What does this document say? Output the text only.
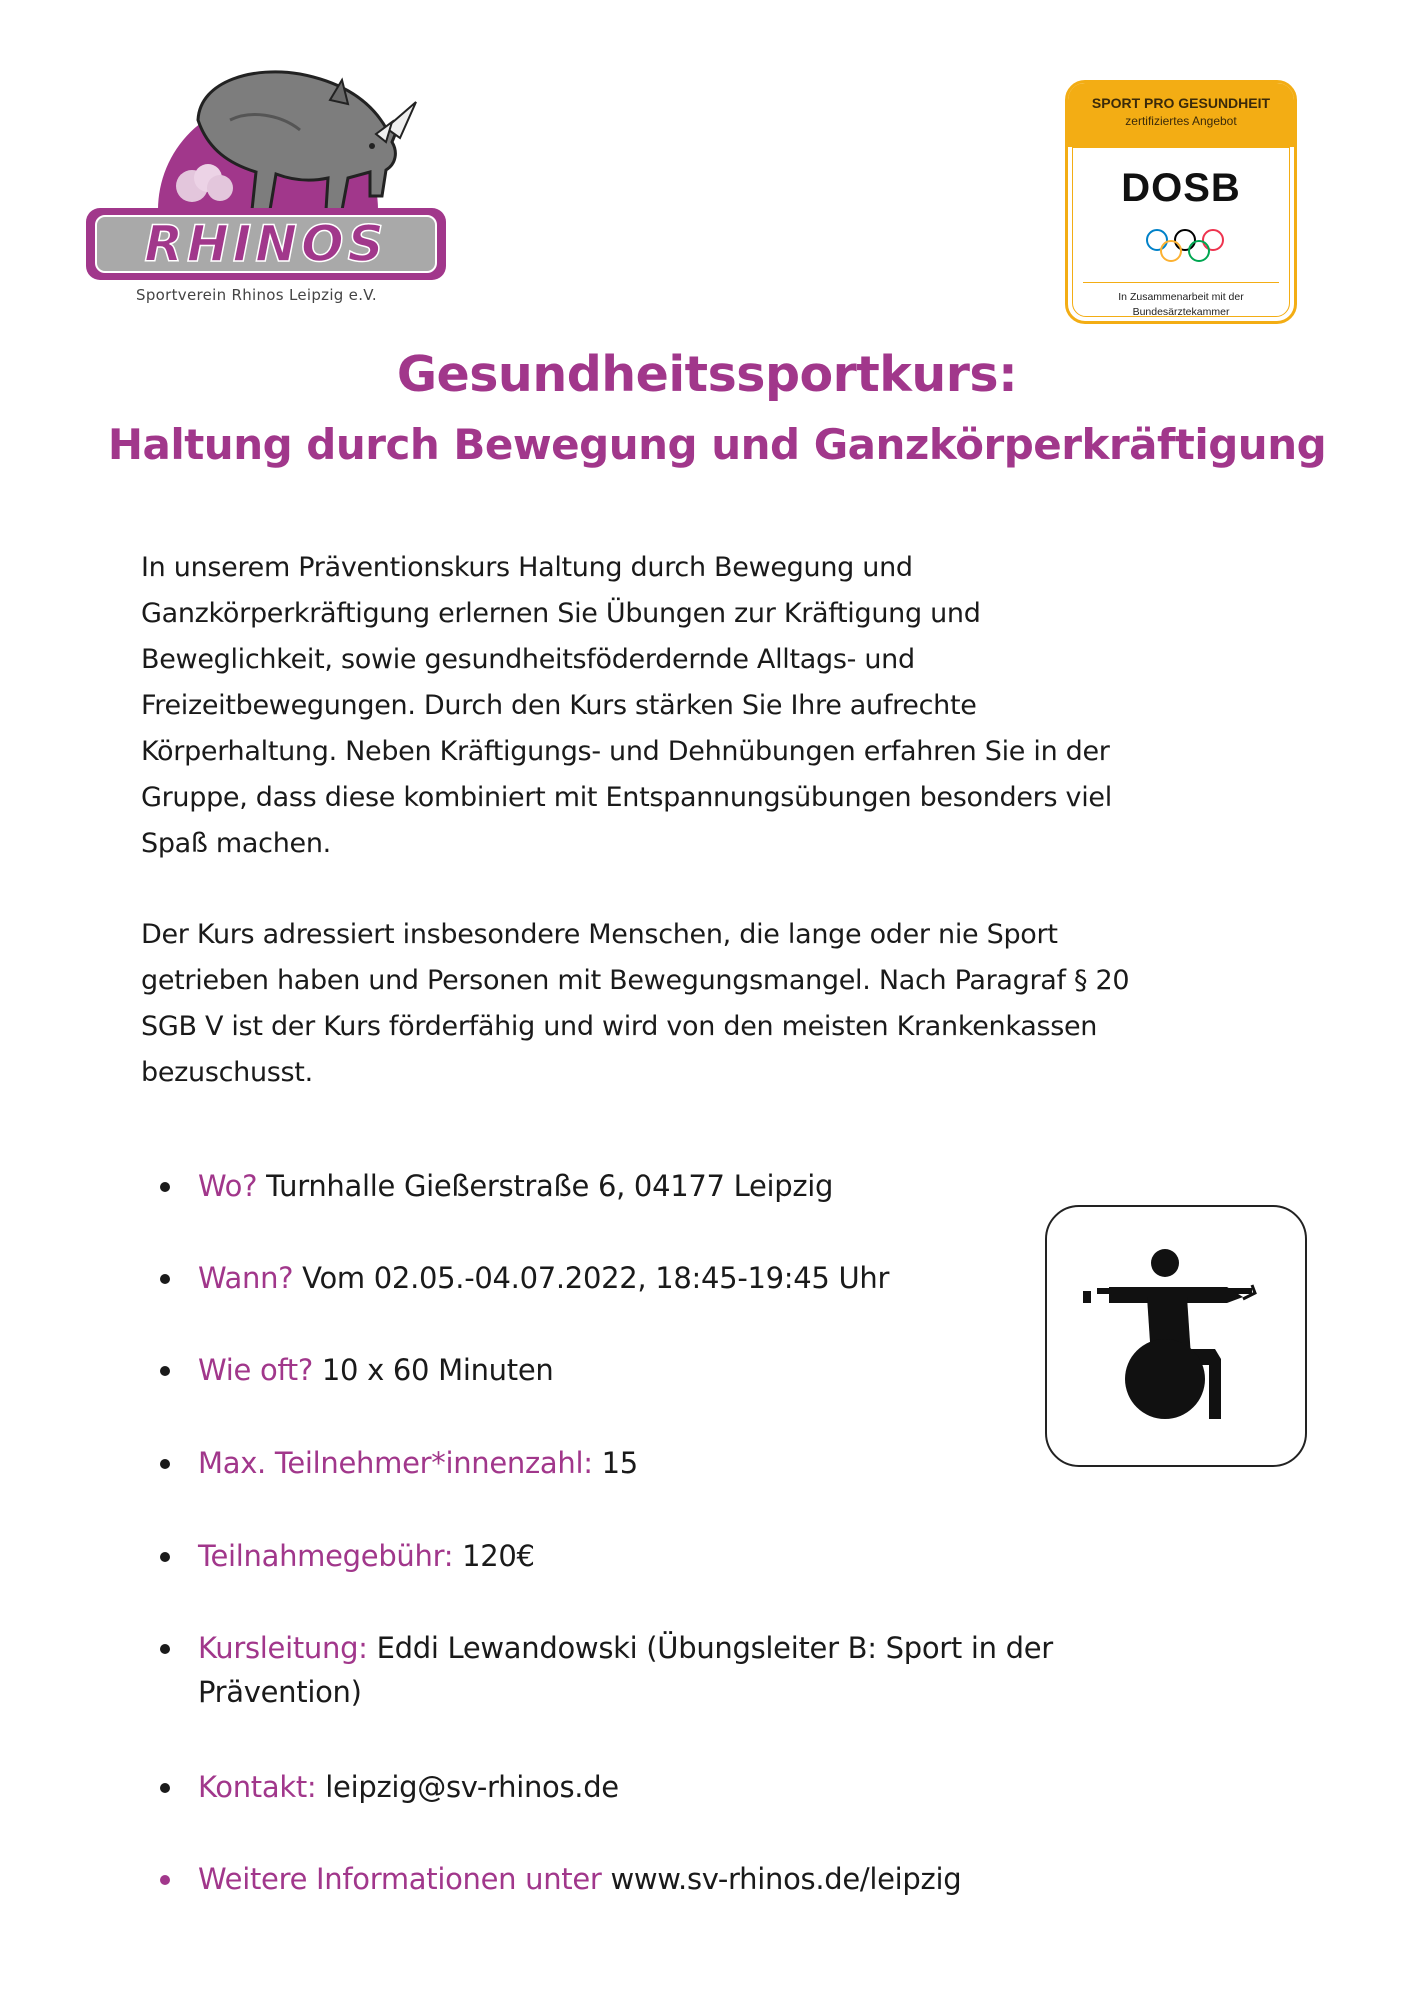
RHINOS
Sportverein Rhinos Leipzig e.V.
SPORT PRO GESUNDHEIT
zertifiziertes Angebot
DOSB
In Zusammenarbeit mit der
Bundesärztekammer
Gesundheitssportkurs:
Haltung durch Bewegung und Ganzkörperkräftigung
In unserem Präventionskurs Haltung durch Bewegung und
Ganzkörperkräftigung erlernen Sie Übungen zur Kräftigung und
Beweglichkeit, sowie gesundheitsföderdernde Alltags- und
Freizeitbewegungen. Durch den Kurs stärken Sie Ihre aufrechte
Körperhaltung. Neben Kräftigungs- und Dehnübungen erfahren Sie in der
Gruppe, dass diese kombiniert mit Entspannungsübungen besonders viel
Spaß machen.
Der Kurs adressiert insbesondere Menschen, die lange oder nie Sport
getrieben haben und Personen mit Bewegungsmangel. Nach Paragraf § 20
SGB V ist der Kurs förderfähig und wird von den meisten Krankenkassen
bezuschusst.
Wo? Turnhalle Gießerstraße 6, 04177 Leipzig
Wann? Vom 02.05.-04.07.2022, 18:45-19:45 Uhr
Wie oft? 10 x 60 Minuten
Max. Teilnehmer*innenzahl: 15
Teilnahmegebühr: 120€
Kursleitung: Eddi Lewandowski (Übungsleiter B: Sport in der
Prävention)
Kontakt: leipzig@sv-rhinos.de
Weitere Informationen unter www.sv-rhinos.de/leipzig
